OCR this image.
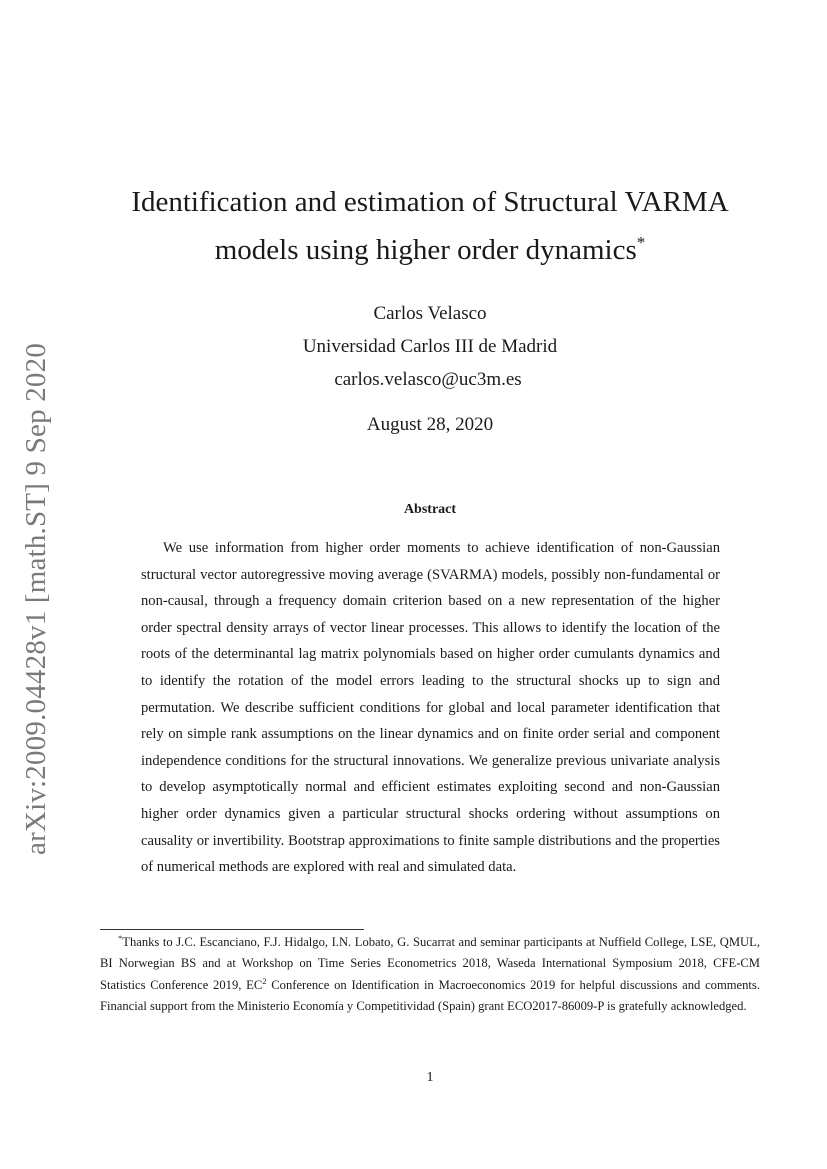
arXiv:2009.04428v1 [math.ST] 9 Sep 2020
Identification and estimation of Structural VARMA
models using higher order dynamics*
Carlos Velasco
Universidad Carlos III de Madrid
carlos.velasco@uc3m.es
August 28, 2020
Abstract

We use information from higher order moments to achieve identification of non-Gaussian structural vector autoregressive moving average (SVARMA) models, possibly non-fundamental or non-causal, through a frequency domain criterion based on a new representation of the higher order spectral density arrays of vector linear processes. This allows to identify the location of the roots of the determinantal lag matrix polynomials based on higher order cumulants dynamics and to identify the rotation of the model errors leading to the structural shocks up to sign and permutation. We describe sufficient conditions for global and local parameter identification that rely on simple rank assumptions on the linear dynamics and on finite order serial and component independence conditions for the structural innovations. We generalize previous univariate analysis to develop asymptotically normal and efficient estimates exploiting second and non-Gaussian higher order dynamics given a particular structural shocks ordering without assumptions on causality or invertibility. Bootstrap approximations to finite sample distributions and the properties of numerical methods are explored with real and simulated data.

*Thanks to J.C. Escanciano, F.J. Hidalgo, I.N. Lobato, G. Sucarrat and seminar participants at Nuffield College, LSE, QMUL, BI Norwegian BS and at Workshop on Time Series Econometrics 2018, Waseda International Symposium 2018, CFE-CM Statistics Conference 2019, $EC^2$ Conference on Identification in Macroeconomics 2019 for helpful discussions and comments. Financial support from the Ministerio Economía y Competitividad (Spain) grant ECO2017-86009-P is gratefully acknowledged.

1
